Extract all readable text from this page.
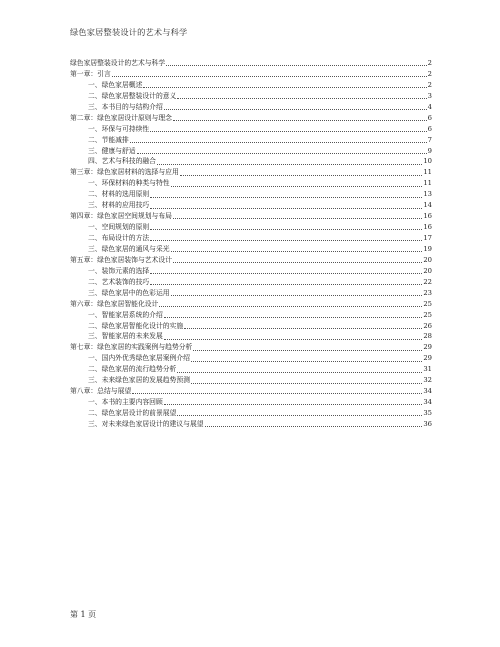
绿色家居整装设计的艺术与科学
绿色家居整装设计的艺术与科学	2
第一章：引言	2
一、绿色家居概述	2
二、绿色家居整装设计的意义	3
三、本书目的与结构介绍	4
第二章：绿色家居设计原则与理念	6
一、环保与可持续性	6
二、节能减排	7
三、健康与舒适	9
四、艺术与科技的融合	10
第三章：绿色家居材料的选择与应用	11
一、环保材料的种类与特性	11
二、材料的选用原则	13
三、材料的应用技巧	14
第四章：绿色家居空间规划与布局	16
一、空间规划的原则	16
二、布局设计的方法	17
三、绿色家居的通风与采光	19
第五章：绿色家居装饰与艺术设计	20
一、装饰元素的选择	20
二、艺术装饰的技巧	22
三、绿色家居中的色彩运用	23
第六章：绿色家居智能化设计	25
一、智能家居系统的介绍	25
二、绿色家居智能化设计的实施	26
三、智能家居的未来发展	28
第七章：绿色家居的实践案例与趋势分析	29
一、国内外优秀绿色家居案例介绍	29
二、绿色家居的流行趋势分析	31
三、未来绿色家居的发展趋势预测	32
第八章：总结与展望	34
一、本书的主要内容回顾	34
二、绿色家居设计的前景展望	35
三、对未来绿色家居设计的建议与展望	36
第 1 页
